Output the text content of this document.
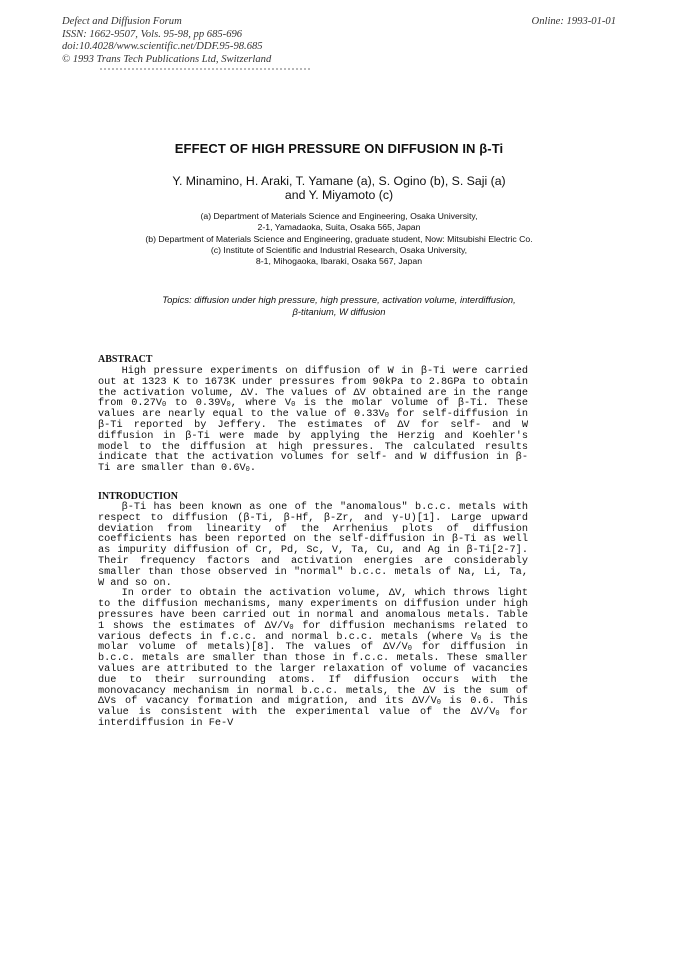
Defect and Diffusion Forum
ISSN: 1662-9507, Vols. 95-98, pp 685-696
doi:10.4028/www.scientific.net/DDF.95-98.685
© 1993 Trans Tech Publications Ltd, Switzerland
Online: 1993-01-01
EFFECT OF HIGH PRESSURE ON DIFFUSION IN β-Ti
Y. Minamino, H. Araki, T. Yamane (a), S. Ogino (b), S. Saji (a)
and Y. Miyamoto (c)
(a) Department of Materials Science and Engineering, Osaka University,
2-1, Yamadaoka, Suita, Osaka 565, Japan
(b) Department of Materials Science and Engineering, graduate student, Now: Mitsubishi Electric Co.
(c) Institute of Scientific and Industrial Research, Osaka University,
8-1, Mihogaoka, Ibaraki, Osaka 567, Japan
Topics: diffusion under high pressure, high pressure, activation volume, interdiffusion,
β-titanium, W diffusion
ABSTRACT

High pressure experiments on diffusion of W in β-Ti were carried out at 1323 K to 1673K under pressures from 90kPa to 2.8GPa to obtain the activation volume, ΔV. The values of ΔV obtained are in the range from $0.27V_0$ to $0.39V_0$, where $V_0$ is the molar volume of β-Ti. These values are nearly equal to the value of $0.33V_0$ for self-diffusion in β-Ti reported by Jeffery. The estimates of ΔV for self- and W diffusion in β-Ti were made by applying the Herzig and Koehler's model to the diffusion at high pressures. The calculated results indicate that the activation volumes for self- and W diffusion in β-Ti are smaller than $0.6V_0$.

INTRODUCTION

β-Ti has been known as one of the "anomalous" b.c.c. metals with respect to diffusion (β-Ti, β-Hf, β-Zr, and γ-U)[1]. Large upward deviation from linearity of the Arrhenius plots of diffusion coefficients has been reported on the self-diffusion in β-Ti as well as impurity diffusion of Cr, Pd, Sc, V, Ta, Cu, and Ag in β-Ti[2-7]. Their frequency factors and activation energies are considerably smaller than those observed in "normal" b.c.c. metals of Na, Li, Ta, W and so on.

In order to obtain the activation volume, ΔV, which throws light to the diffusion mechanisms, many experiments on diffusion under high pressures have been carried out in normal and anomalous metals. Table 1 shows the estimates of $\Delta V/V_0$ for diffusion mechanisms related to various defects in f.c.c. and normal b.c.c. metals (where $V_0$ is the molar volume of metals)[8]. The values of $\Delta V/V_0$ for diffusion in b.c.c. metals are smaller than those in f.c.c. metals. These smaller values are attributed to the larger relaxation of volume of vacancies due to their surrounding atoms. If diffusion occurs with the monovacancy mechanism in normal b.c.c. metals, the ΔV is the sum of ΔVs of vacancy formation and migration, and its $\Delta V/V_0$ is 0.6. This value is consistent with the experimental value of the $\Delta V/V_0$ for interdiffusion in Fe-V
